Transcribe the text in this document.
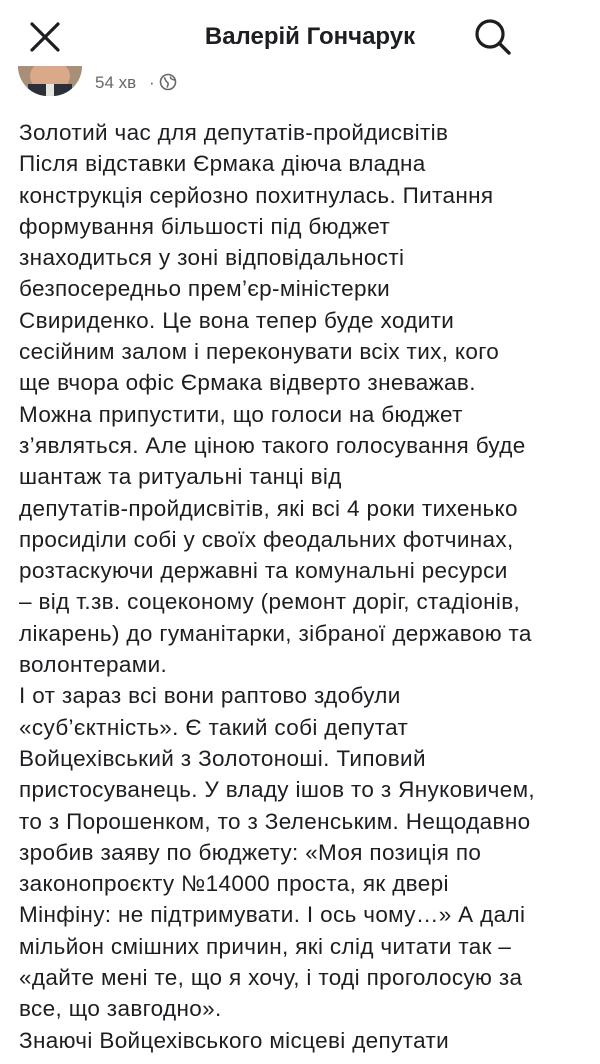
Валерій Гончарук
54 хв ·

Золотий час для депутатів-пройдисвітів

Після відставки Єрмака діюча владна

конструкція серйозно похитнулась. Питання

формування більшості під бюджет

знаходиться у зоні відповідальності

безпосередньо прем’єр-міністерки

Свириденко. Це вона тепер буде ходити

сесійним залом і переконувати всіх тих, кого

ще вчора офіс Єрмака відверто зневажав.

Можна припустити, що голоси на бюджет

з’являться. Але ціною такого голосування буде

шантаж та ритуальні танці від

депутатів-пройдисвітів, які всі 4 роки тихенько

просиділи собі у своїх феодальних фотчинах,

розтаскуючи державні та комунальні ресурси

– від т.зв. соцекономy (ремонт доріг, стадіонів,

лікарень) до гуманітарки, зібраної державою та

волонтерами.

І от зараз всі вони раптово здобули

«суб’єктність». Є такий собі депутат

Войцехівський з Золотоноші. Типовий

пристосуванець. У владу ішов то з Януковичем,

то з Порошенком, то з Зеленським. Нещодавно

зробив заяву по бюджету: «Моя позиція по

законопроєкту №14000 проста, як двері

Мінфіну: не підтримувати. І ось чому…» А далі

мільйон смішних причин, які слід читати так –

«дайте мені те, що я хочу, і тоді проголосую за

все, що завгодно».

Знаючі Войцехівського місцеві депутати
